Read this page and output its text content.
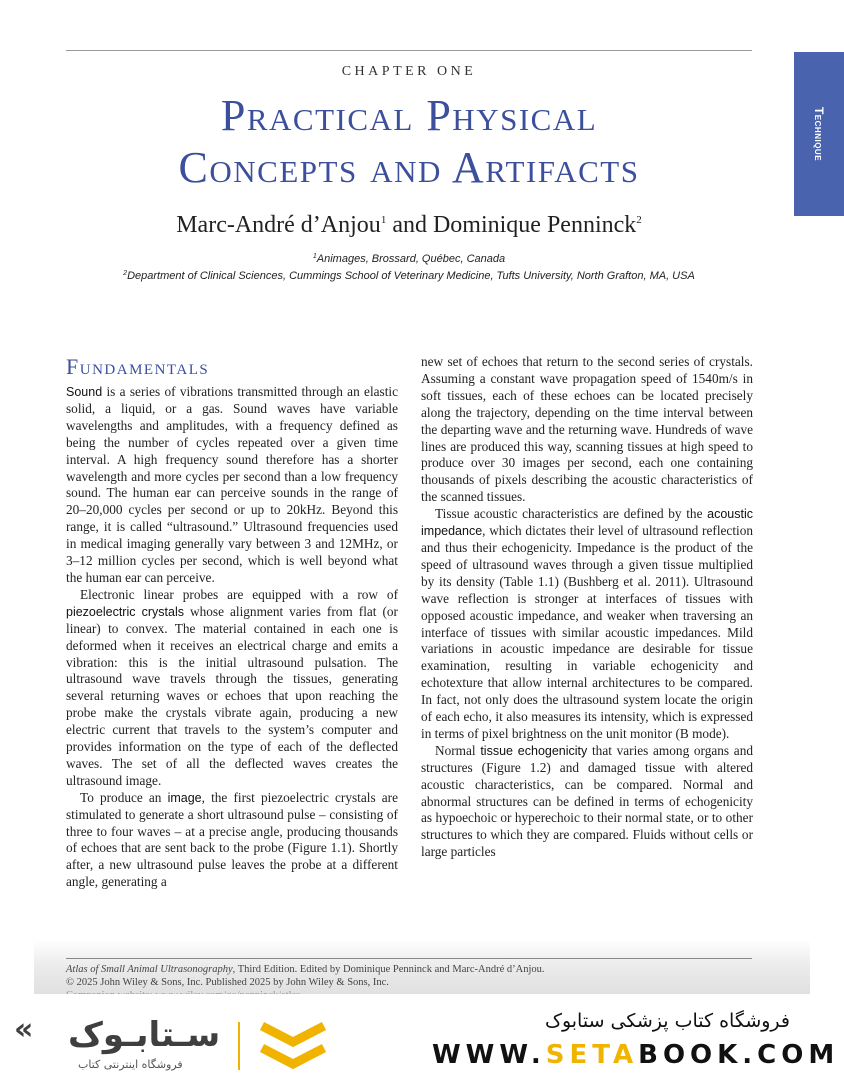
Technique
CHAPTER ONE
Practical Physical
Concepts and Artifacts
Marc-André d’Anjou$^1$ and Dominique Penninck$^2$
$^1$Animages, Brossard, Québec, Canada
$^2$Department of Clinical Sciences, Cummings School of Veterinary Medicine, Tufts University, North Grafton, MA, USA
Fundamentals

Sound is a series of vibrations transmitted through an elastic solid, a liquid, or a gas. Sound waves have variable wavelengths and amplitudes, with a frequency defined as being the number of cycles repeated over a given time interval. A high frequency sound therefore has a shorter wavelength and more cycles per second than a low frequency sound. The human ear can perceive sounds in the range of 20–20,000 cycles per second or up to 20kHz. Beyond this range, it is called “ultrasound.” Ultrasound frequencies used in medical imaging generally vary between 3 and 12MHz, or 3–12 million cycles per second, which is well beyond what the human ear can perceive.

Electronic linear probes are equipped with a row of piezoelectric crystals whose alignment varies from flat (or linear) to convex. The material contained in each one is deformed when it receives an electrical charge and emits a vibration: this is the initial ultrasound pulsation. The ultrasound wave travels through the tissues, generating several returning waves or echoes that upon reaching the probe make the crystals vibrate again, producing a new electric current that travels to the system’s computer and provides information on the type of each of the deflected waves. The set of all the deflected waves creates the ultrasound image.

To produce an image, the first piezoelectric crystals are stimulated to generate a short ultrasound pulse – consisting of three to four waves – at a precise angle, producing thousands of echoes that are sent back to the probe (Figure 1.1). Shortly after, a new ultrasound pulse leaves the probe at a different angle, generating a

new set of echoes that return to the second series of crystals. Assuming a constant wave propagation speed of 1540m/s in soft tissues, each of these echoes can be located precisely along the trajectory, depending on the time interval between the departing wave and the returning wave. Hundreds of wave lines are produced this way, scanning tissues at high speed to produce over 30 images per second, each one containing thousands of pixels describing the acoustic characteristics of the scanned tissues.

Tissue acoustic characteristics are defined by the acoustic impedance, which dictates their level of ultrasound reflection and thus their echogenicity. Impedance is the product of the speed of ultrasound waves through a given tissue multiplied by its density (Table 1.1) (Bushberg et al. 2011). Ultrasound wave reflection is stronger at interfaces of tissues with opposed acoustic impedance, and weaker when traversing an interface of tissues with similar acoustic impedances. Mild variations in acoustic impedance are desirable for tissue examination, resulting in variable echogenicity and echotexture that allow internal architectures to be compared. In fact, not only does the ultrasound system locate the origin of each echo, it also measures its intensity, which is expressed in terms of pixel brightness on the unit monitor (B mode).

Normal tissue echogenicity that varies among organs and structures (Figure 1.2) and damaged tissue with altered acoustic characteristics, can be compared. Normal and abnormal structures can be defined in terms of echogenicity as hypoechoic or hyperechoic to their normal state, or to other structures to which they are compared. Fluids without cells or large particles

Atlas of Small Animal Ultrasonography, Third Edition. Edited by Dominique Penninck and Marc-André d’Anjou.
© 2025 John Wiley & Sons, Inc. Published 2025 by John Wiley & Sons, Inc.
« سـتابـوک
فروشگاه اینترنتی کتاب
فروشگاه کتاب پزشکی ستابوک
WWW.SETABOOK.COM
